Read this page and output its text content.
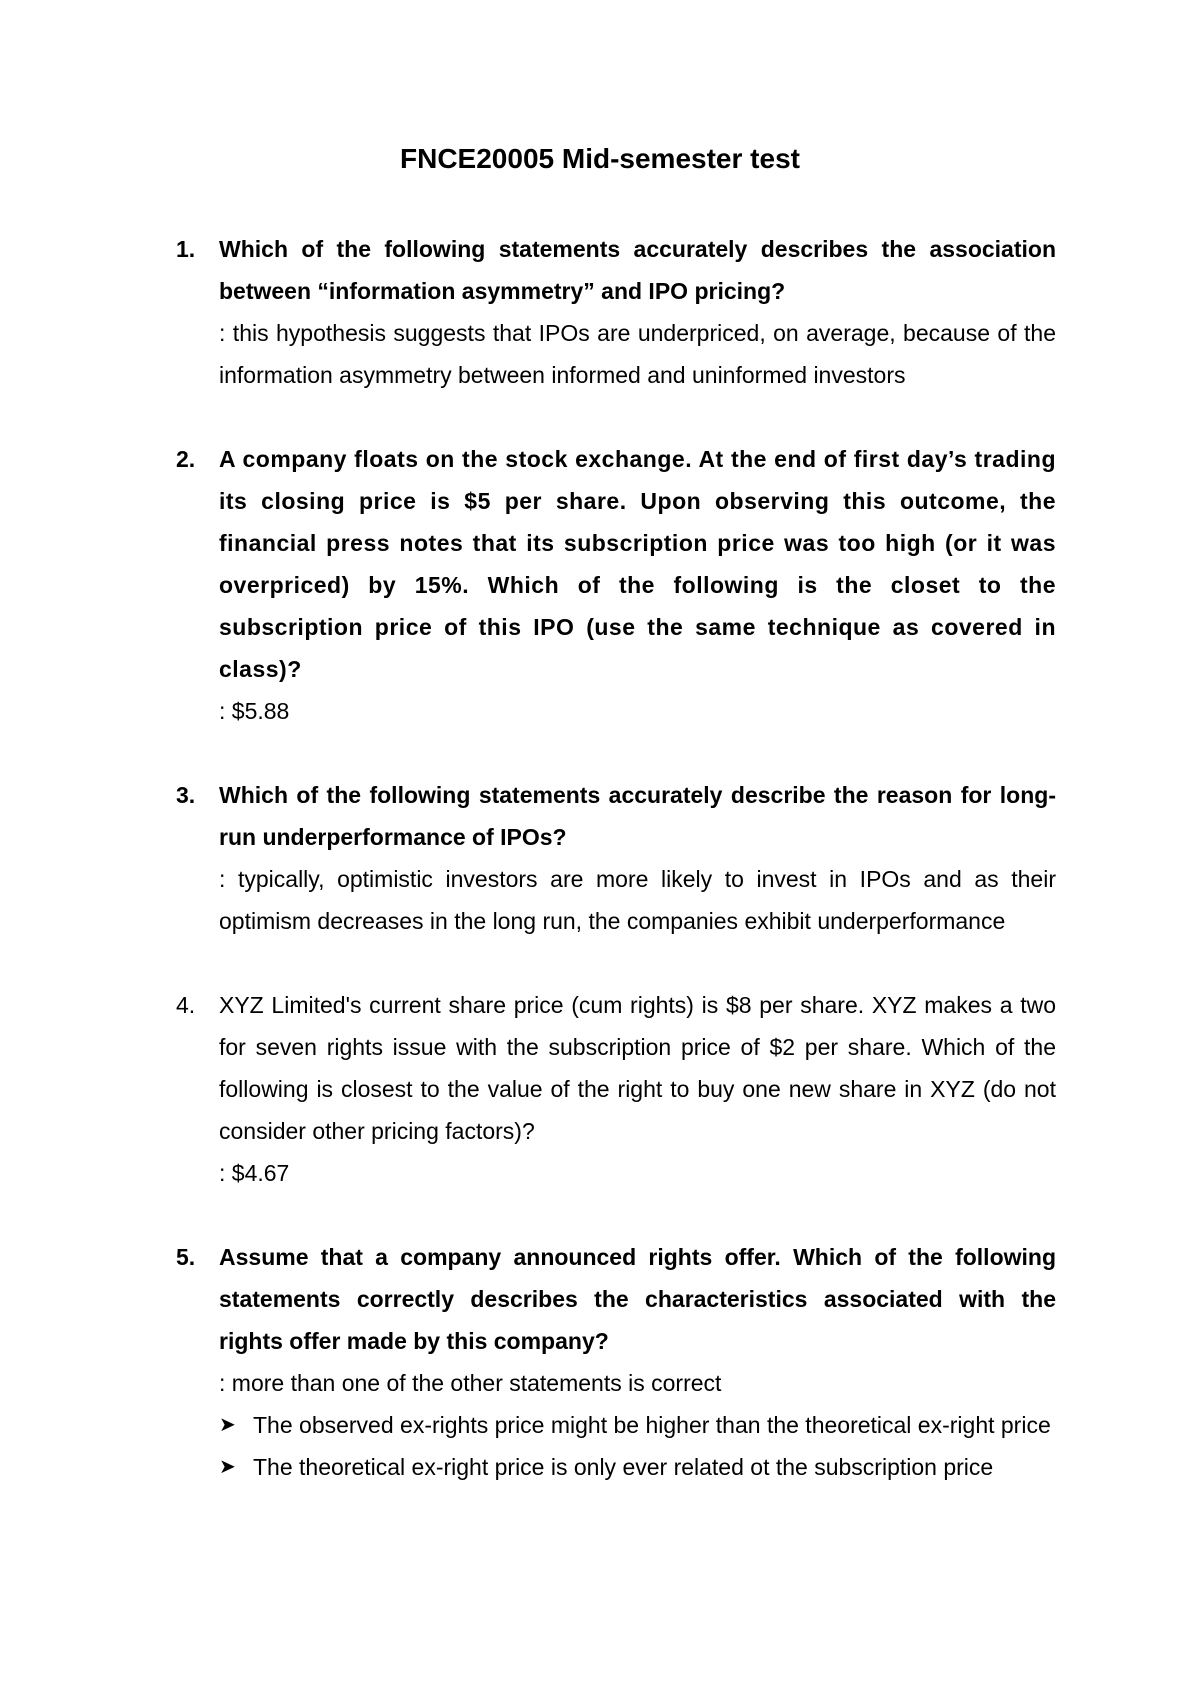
FNCE20005 Mid-semester test
1. Which of the following statements accurately describes the association between “information asymmetry” and IPO pricing?
: this hypothesis suggests that IPOs are underpriced, on average, because of the information asymmetry between informed and uninformed investors
2. A company floats on the stock exchange. At the end of first day’s trading its closing price is $5 per share. Upon observing this outcome, the financial press notes that its subscription price was too high (or it was overpriced) by 15%. Which of the following is the closet to the subscription price of this IPO (use the same technique as covered in class)?
: $5.88
3. Which of the following statements accurately describe the reason for long-run underperformance of IPOs?
: typically, optimistic investors are more likely to invest in IPOs and as their optimism decreases in the long run, the companies exhibit underperformance
4. XYZ Limited's current share price (cum rights) is $8 per share. XYZ makes a two for seven rights issue with the subscription price of $2 per share. Which of the following is closest to the value of the right to buy one new share in XYZ (do not consider other pricing factors)?
: $4.67
5. Assume that a company announced rights offer. Which of the following statements correctly describes the characteristics associated with the rights offer made by this company?
: more than one of the other statements is correct
➤ The observed ex-rights price might be higher than the theoretical ex-right price
➤ The theoretical ex-right price is only ever related ot the subscription price
